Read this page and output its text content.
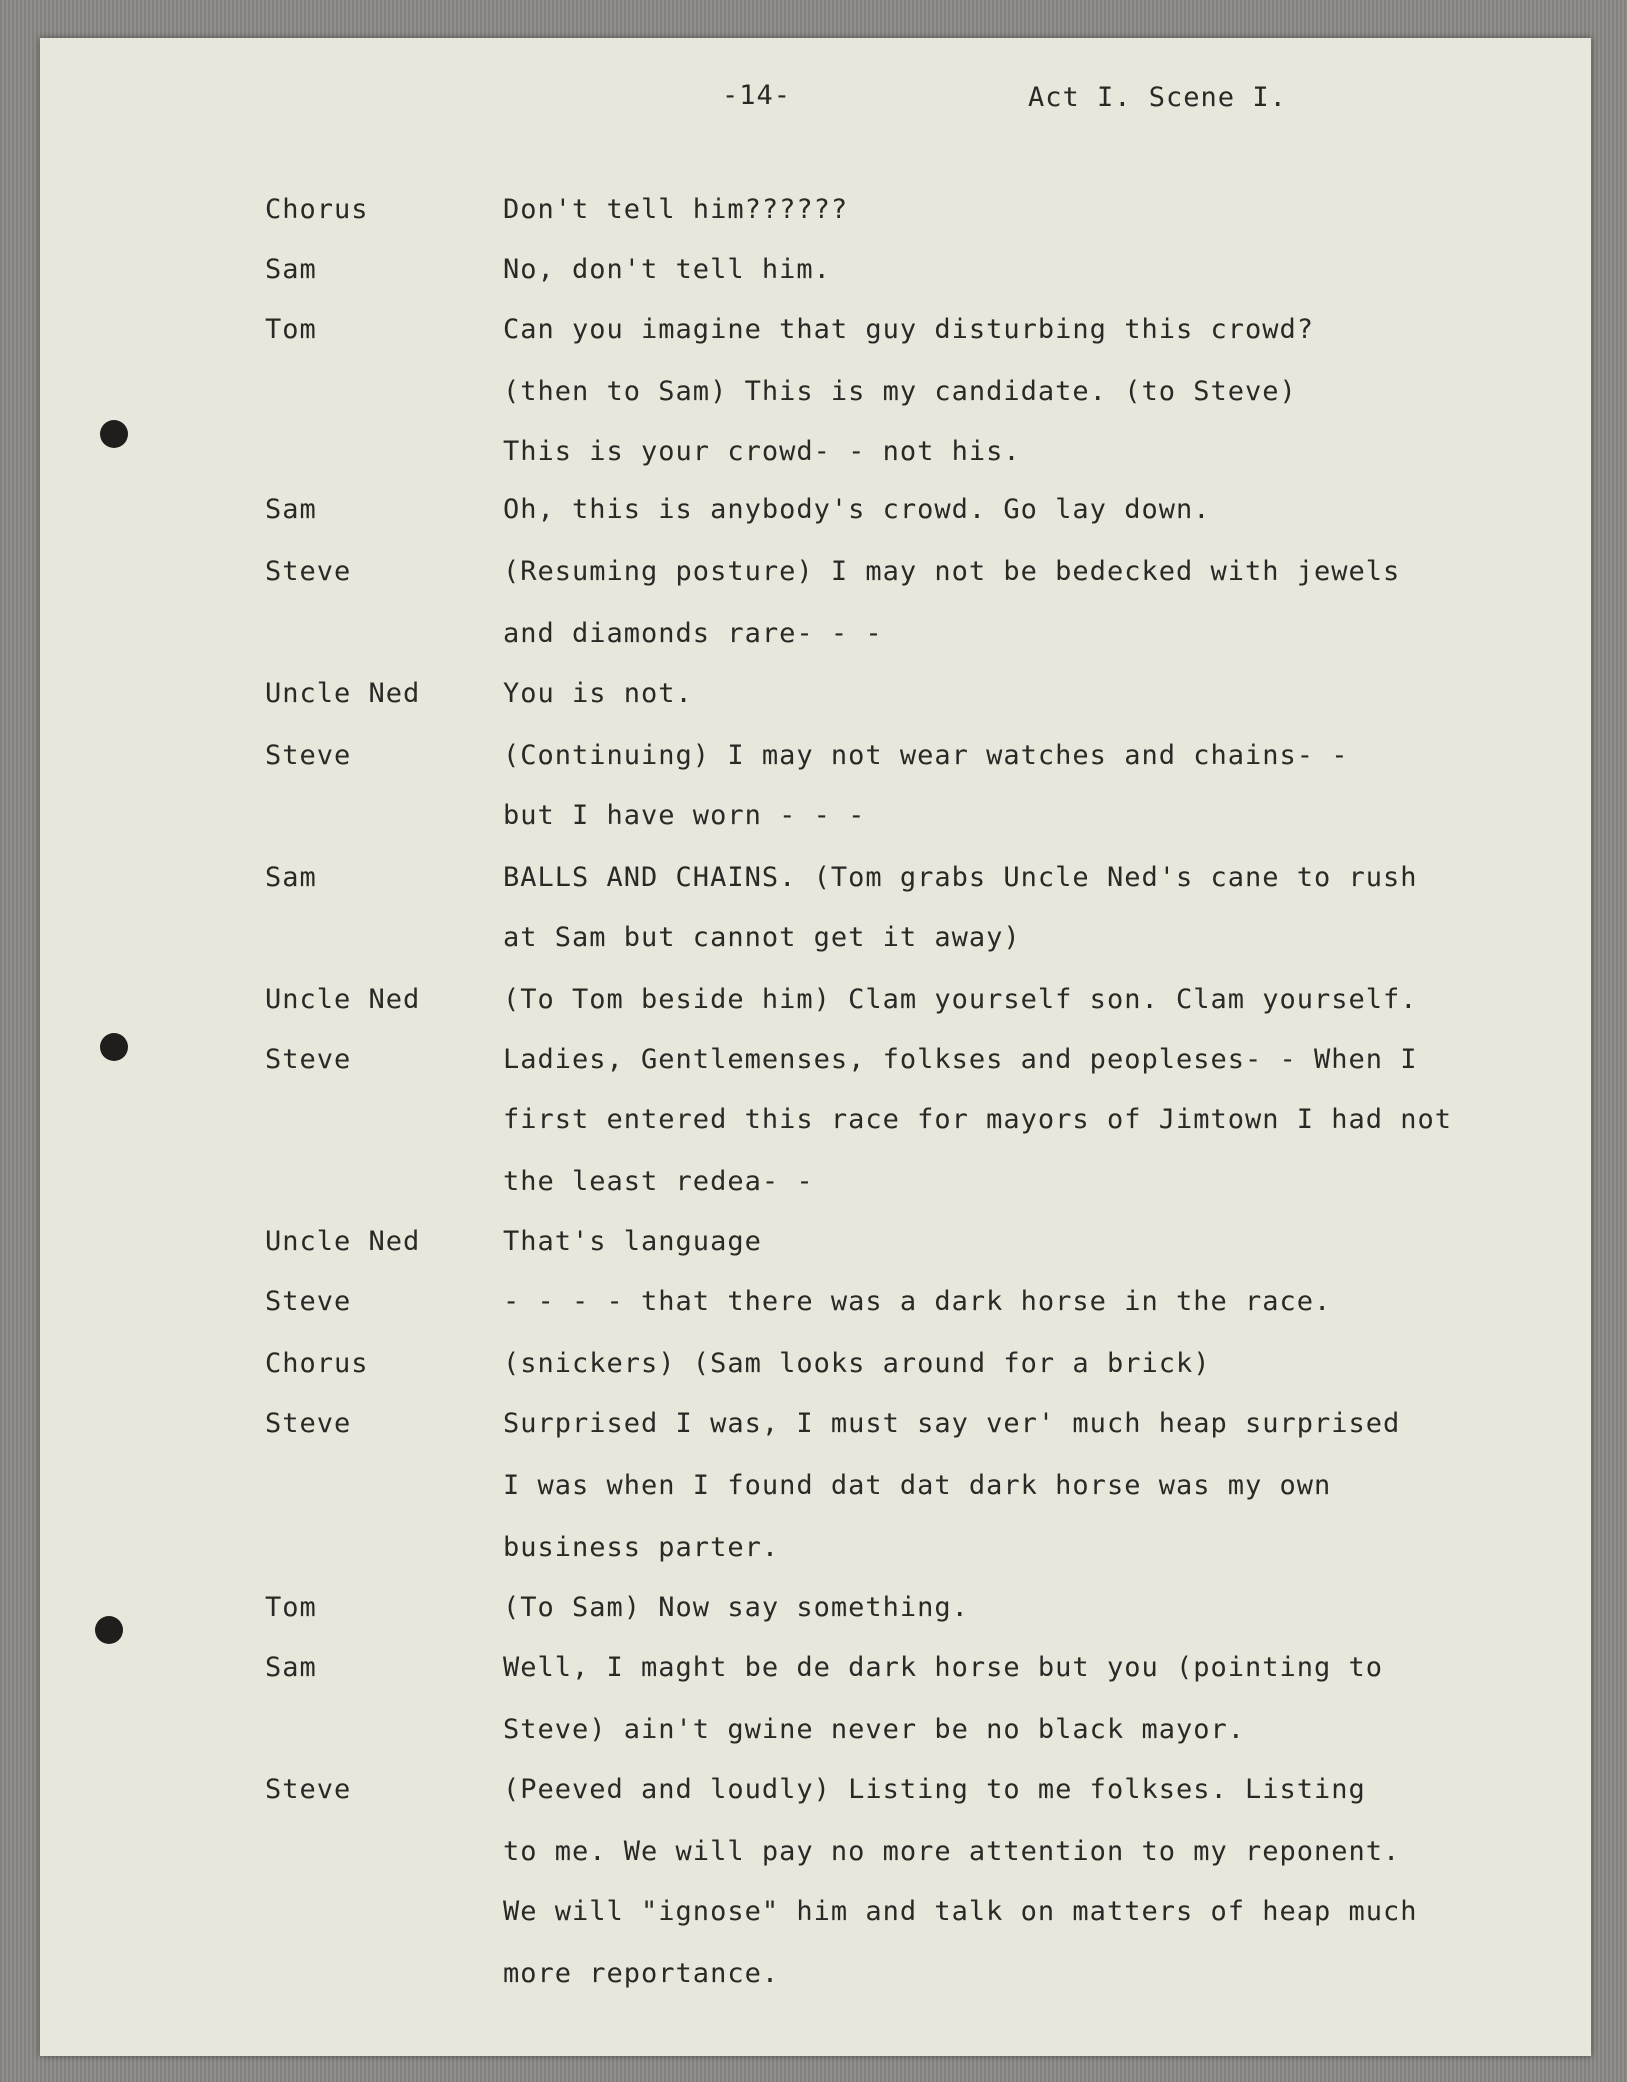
-14-	Act I. Scene I.
Chorus	Don't tell him??????
Sam	No, don't tell him.
Tom	Can you imagine that guy disturbing this crowd?
(then to Sam) This is my candidate. (to Steve)
This is your crowd- - not his.
Sam	Oh, this is anybody's crowd. Go lay down.
Steve	(Resuming posture) I may not be bedecked with jewels
and diamonds rare- - -
Uncle Ned	You is not.
Steve	(Continuing) I may not wear watches and chains- -
but I have worn - - -
Sam	BALLS AND CHAINS. (Tom grabs Uncle Ned's cane to rush
at Sam but cannot get it away)
Uncle Ned	(To Tom beside him) Clam yourself son. Clam yourself.
Steve	Ladies, Gentlemenses, folkses and peopleses- - When I
first entered this race for mayors of Jimtown I had not
the least redea- -
Uncle Ned	That's language
Steve	- - - - that there was a dark horse in the race.
Chorus	(snickers) (Sam looks around for a brick)
Steve	Surprised I was, I must say ver' much heap surprised
I was when I found dat dat dark horse was my own
business parter.
Tom	(To Sam) Now say something.
Sam	Well, I maght be de dark horse but you (pointing to
Steve) ain't gwine never be no black mayor.
Steve	(Peeved and loudly) Listing to me folkses. Listing
to me. We will pay no more attention to my reponent.
We will "ignose" him and talk on matters of heap much
more reportance.
